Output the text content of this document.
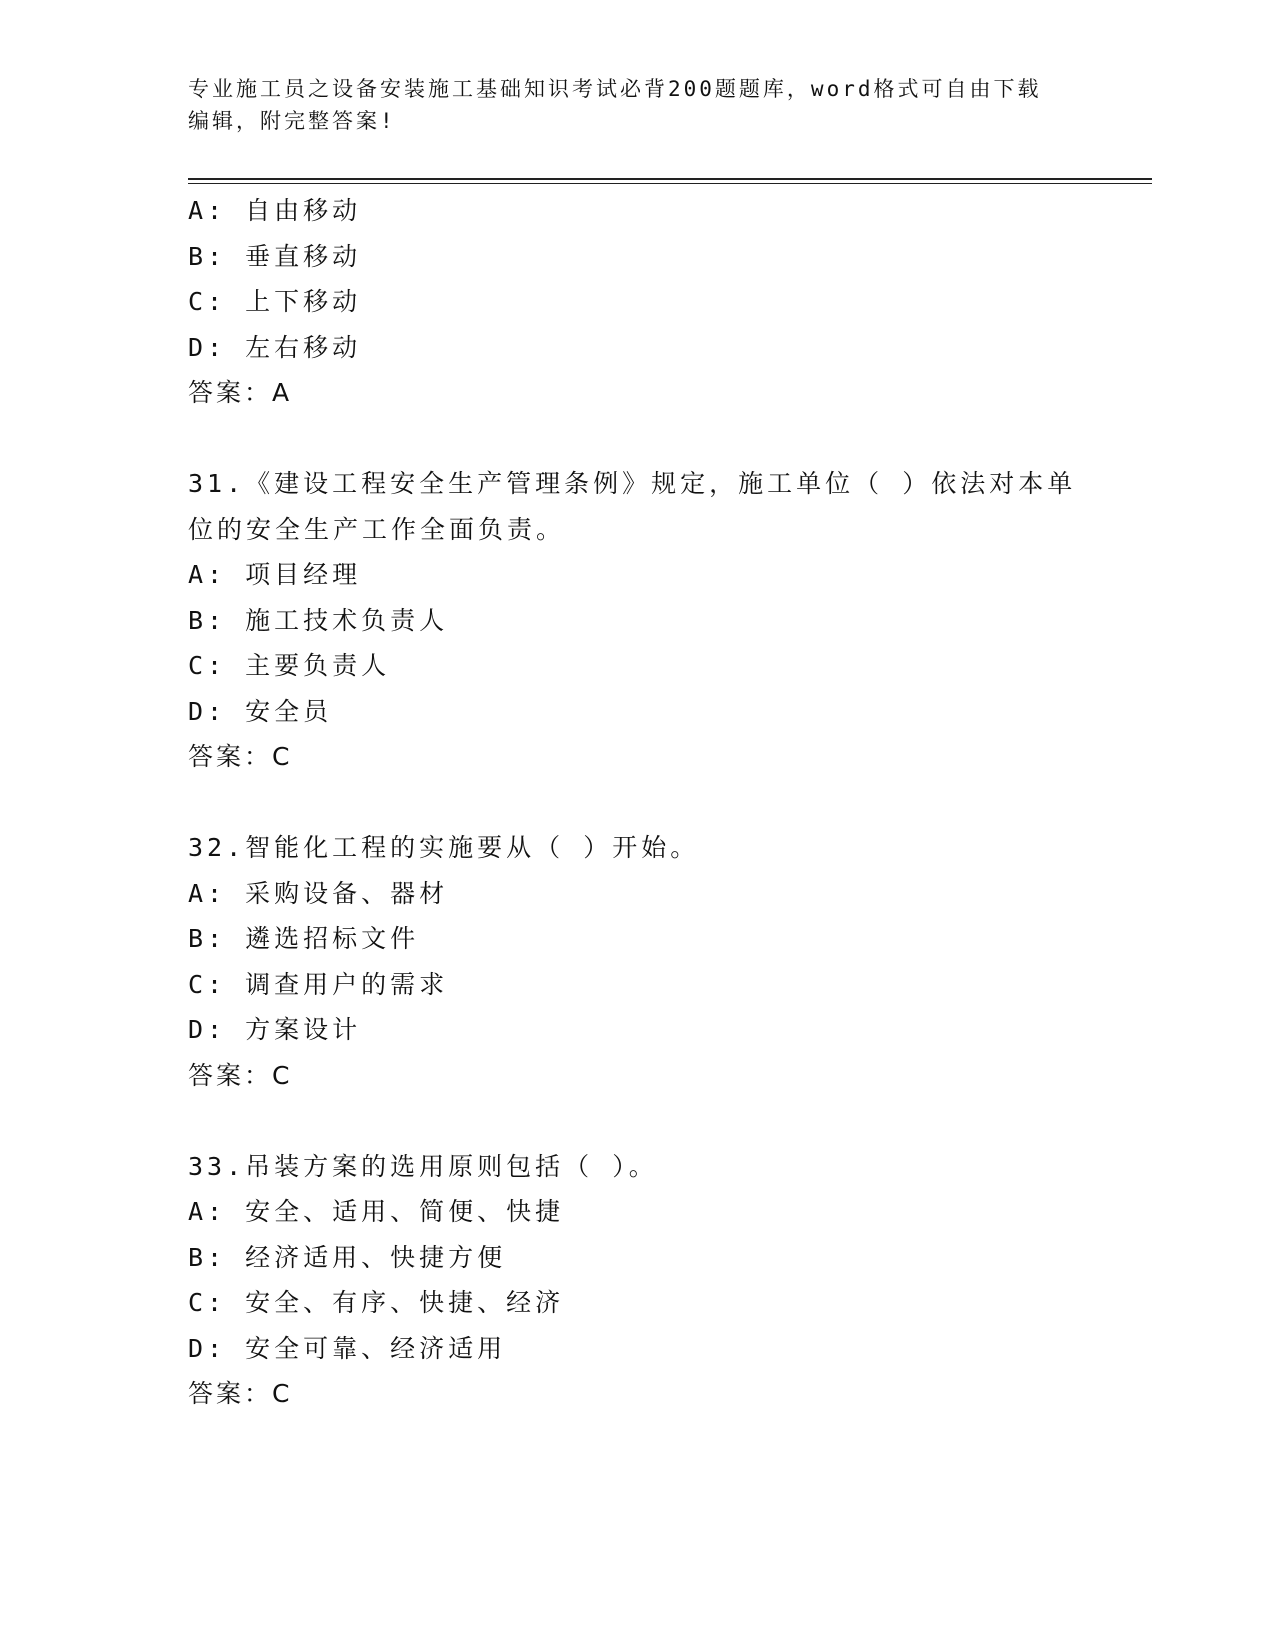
专业施工员之设备安装施工基础知识考试必背200题题库，word格式可自由下载
编辑，附完整答案!
A: 自由移动
B: 垂直移动
C: 上下移动
D: 左右移动
答案：A
31.《建设工程安全生产管理条例》规定，施工单位（ ）依法对本单
位的安全生产工作全面负责。
A: 项目经理
B: 施工技术负责人
C: 主要负责人
D: 安全员
答案：C
32.智能化工程的实施要从（ ）开始。
A: 采购设备、器材
B: 遴选招标文件
C: 调查用户的需求
D: 方案设计
答案：C
33.吊装方案的选用原则包括（ ）。
A: 安全、适用、简便、快捷
B: 经济适用、快捷方便
C: 安全、有序、快捷、经济
D: 安全可靠、经济适用
答案：C
